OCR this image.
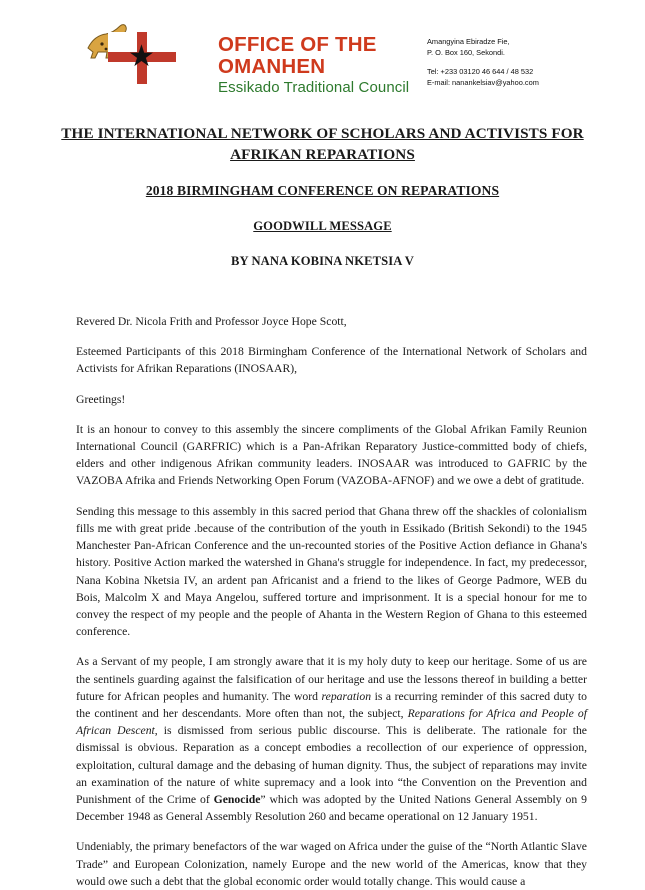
OFFICE OF THE OMANHEN
Essikado Traditional Council
Amangyina Ebiradze Fie,
P. O. Box 160, Sekondi.
Tel: +233 03120 46 644 / 48 532
E-mail: nanankelsiav@yahoo.com
THE INTERNATIONAL NETWORK OF SCHOLARS AND ACTIVISTS FOR AFRIKAN REPARATIONS
2018 BIRMINGHAM CONFERENCE ON REPARATIONS
GOODWILL MESSAGE
BY NANA KOBINA NKETSIA V

Revered Dr. Nicola Frith and Professor Joyce Hope Scott,

Esteemed Participants of this 2018 Birmingham Conference of the International Network of Scholars and Activists for Afrikan Reparations (INOSAAR),

Greetings!

It is an honour to convey to this assembly the sincere compliments of the Global Afrikan Family Reunion International Council (GARFRIC) which is a Pan-Afrikan Reparatory Justice-committed body of chiefs, elders and other indigenous Afrikan community leaders. INOSAAR was introduced to GAFRIC by the VAZOBA Afrika and Friends Networking Open Forum (VAZOBA-AFNOF) and we owe a debt of gratitude.

Sending this message to this assembly in this sacred period that Ghana threw off the shackles of colonialism fills me with great pride .because of the contribution of the youth in Essikado (British Sekondi) to the 1945 Manchester Pan-African Conference and the un-recounted stories of the Positive Action defiance in Ghana's history. Positive Action marked the watershed in Ghana's struggle for independence. In fact, my predecessor, Nana Kobina Nketsia IV, an ardent pan Africanist and a friend to the likes of George Padmore, WEB du Bois, Malcolm X and Maya Angelou, suffered torture and imprisonment. It is a special honour for me to convey the respect of my people and the people of Ahanta in the Western Region of Ghana to this esteemed conference.

As a Servant of my people, I am strongly aware that it is my holy duty to keep our heritage. Some of us are the sentinels guarding against the falsification of our heritage and use the lessons thereof in building a better future for African peoples and humanity. The word reparation is a recurring reminder of this sacred duty to the continent and her descendants. More often than not, the subject, Reparations for Africa and People of African Descent, is dismissed from serious public discourse. This is deliberate. The rationale for the dismissal is obvious. Reparation as a concept embodies a recollection of our experience of oppression, exploitation, cultural damage and the debasing of human dignity. Thus, the subject of reparations may invite an examination of the nature of white supremacy and a look into “the Convention on the Prevention and Punishment of the Crime of Genocide” which was adopted by the United Nations General Assembly on 9 December 1948 as General Assembly Resolution 260 and became operational on 12 January 1951.

Undeniably, the primary benefactors of the war waged on Africa under the guise of the “North Atlantic Slave Trade” and European Colonization, namely Europe and the new world of the Americas, know that they would owe such a debt that the global economic order would totally change. This would cause a
